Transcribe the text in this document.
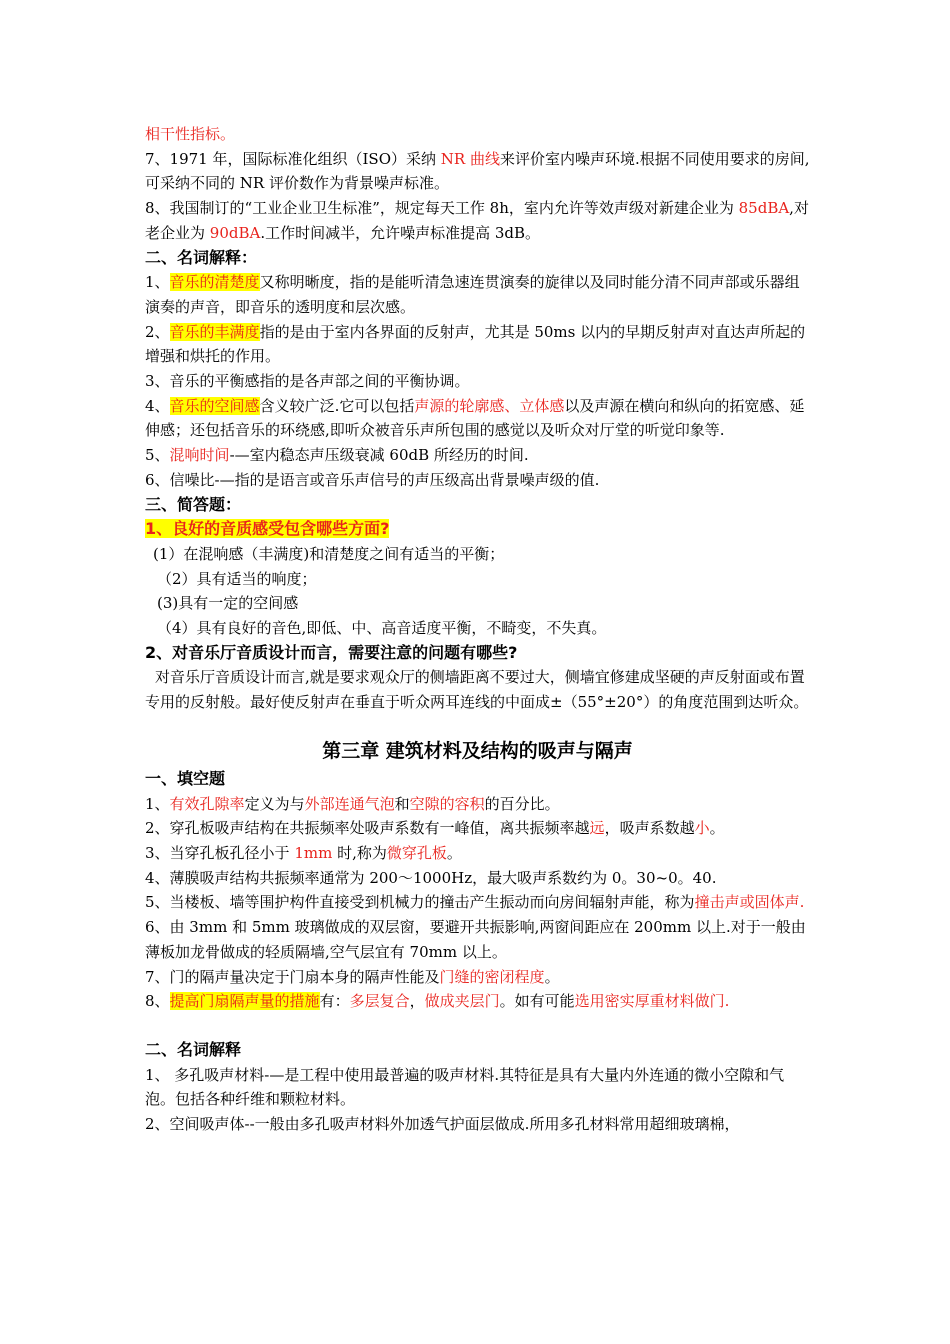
相干性指标。

7、1971 年，国际标准化组织（ISO）采纳 NR 曲线来评价室内噪声环境.根据不同使用要求的房间,可采纳不同的 NR 评价数作为背景噪声标准。

8、我国制订的“工业企业卫生标准”，规定每天工作 8h，室内允许等效声级对新建企业为 85dBA,对老企业为 90dBA.工作时间减半，允许噪声标准提高 3dB。

二、名词解释：

1、音乐的清楚度又称明晰度，指的是能听清急速连贯演奏的旋律以及同时能分清不同声部或乐器组演奏的声音，即音乐的透明度和层次感。

2、音乐的丰满度指的是由于室内各界面的反射声，尤其是 50ms 以内的早期反射声对直达声所起的增强和烘托的作用。

3、音乐的平衡感指的是各声部之间的平衡协调。

4、音乐的空间感含义较广泛.它可以包括声源的轮廓感、立体感以及声源在横向和纵向的拓宽感、延伸感；还包括音乐的环绕感,即听众被音乐声所包围的感觉以及听众对厅堂的听觉印象等.

5、混响时间-—室内稳态声压级衰减 60dB 所经历的时间.

6、信噪比-—指的是语言或音乐声信号的声压级高出背景噪声级的值.

三、简答题：

1、良好的音质感受包含哪些方面?

(1）在混响感（丰满度)和清楚度之间有适当的平衡；

（2）具有适当的响度；

(3)具有一定的空间感

（4）具有良好的音色,即低、中、高音适度平衡，不畸变，不失真。

2、对音乐厅音质设计而言，需要注意的问题有哪些?

对音乐厅音质设计而言,就是要求观众厅的侧墙距离不要过大，侧墙宜修建成坚硬的声反射面或布置专用的反射般。最好使反射声在垂直于听众两耳连线的中面成±（55°±20°）的角度范围到达听众。

第三章 建筑材料及结构的吸声与隔声

一、填空题

1、有效孔隙率定义为与外部连通气泡和空隙的容积的百分比。

2、穿孔板吸声结构在共振频率处吸声系数有一峰值，离共振频率越远，吸声系数越小。

3、当穿孔板孔径小于 1mm 时,称为微穿孔板。

4、薄膜吸声结构共振频率通常为 200～1000Hz，最大吸声系数约为 0。30~0。40.

5、当楼板、墙等围护构件直接受到机械力的撞击产生振动而向房间辐射声能，称为撞击声或固体声.

6、由 3mm 和 5mm 玻璃做成的双层窗，要避开共振影响,两窗间距应在 200mm 以上.对于一般由薄板加龙骨做成的轻质隔墙,空气层宜有 70mm 以上。

7、门的隔声量决定于门扇本身的隔声性能及门缝的密闭程度。

8、提高门扇隔声量的措施有：多层复合，做成夹层门。如有可能选用密实厚重材料做门.

二、名词解释

1、 多孔吸声材料-—是工程中使用最普遍的吸声材料.其特征是具有大量内外连通的微小空隙和气泡。包括各种纤维和颗粒材料。

2、空间吸声体--一般由多孔吸声材料外加透气护面层做成.所用多孔材料常用超细玻璃棉，
